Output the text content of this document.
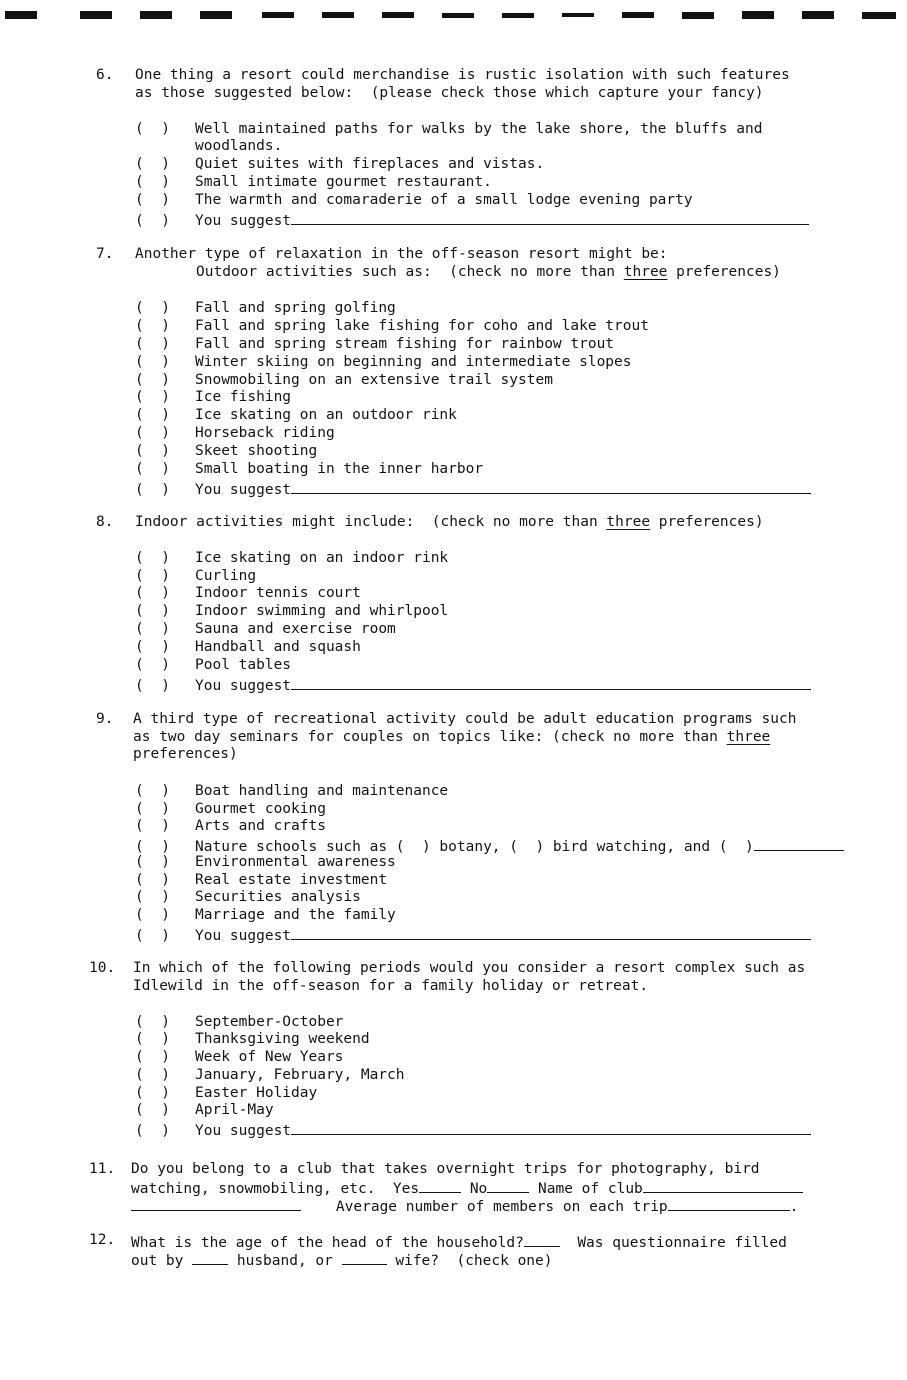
6. One thing a resort could merchandise is rustic isolation with such features
as those suggested below:  (please check those which capture your fancy)
(  ) Well maintained paths for walks by the lake shore, the bluffs and
woodlands.
(  ) Quiet suites with fireplaces and vistas.
(  ) Small intimate gourmet restaurant.
(  ) The warmth and comaraderie of a small lodge evening party
(  ) You suggest
7. Another type of relaxation in the off-season resort might be:
Outdoor activities such as:  (check no more than three preferences)
(  ) Fall and spring golfing
(  ) Fall and spring lake fishing for coho and lake trout
(  ) Fall and spring stream fishing for rainbow trout
(  ) Winter skiing on beginning and intermediate slopes
(  ) Snowmobiling on an extensive trail system
(  ) Ice fishing
(  ) Ice skating on an outdoor rink
(  ) Horseback riding
(  ) Skeet shooting
(  ) Small boating in the inner harbor
(  ) You suggest
8. Indoor activities might include:  (check no more than three preferences)
(  ) Ice skating on an indoor rink
(  ) Curling
(  ) Indoor tennis court
(  ) Indoor swimming and whirlpool
(  ) Sauna and exercise room
(  ) Handball and squash
(  ) Pool tables
(  ) You suggest
9. A third type of recreational activity could be adult education programs such
as two day seminars for couples on topics like: (check no more than three
preferences)
(  ) Boat handling and maintenance
(  ) Gourmet cooking
(  ) Arts and crafts
(  ) Nature schools such as (  ) botany, (  ) bird watching, and (  )
(  ) Environmental awareness
(  ) Real estate investment
(  ) Securities analysis
(  ) Marriage and the family
(  ) You suggest
10. In which of the following periods would you consider a resort complex such as
Idlewild in the off-season for a family holiday or retreat.
(  ) September-October
(  ) Thanksgiving weekend
(  ) Week of New Years
(  ) January, February, March
(  ) Easter Holiday
(  ) April-May
(  ) You suggest
11. Do you belong to a club that takes overnight trips for photography, bird
watching, snowmobiling, etc.  Yes	No	Name of club
Average number of members on each trip	.
12. What is the age of the head of the household?	Was questionnaire filled
out by	husband, or	wife?  (check one)
